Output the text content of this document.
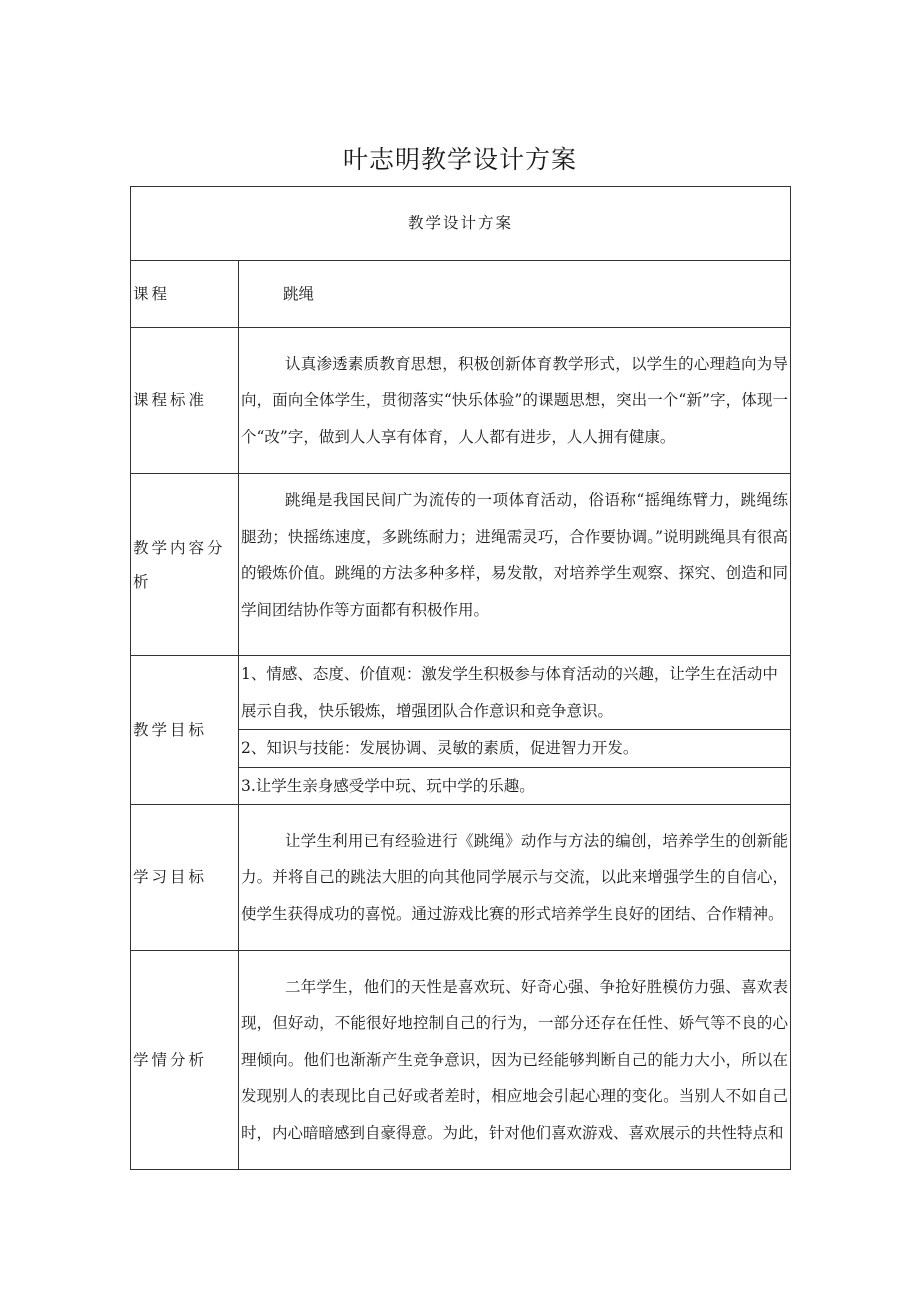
叶志明教学设计方案
教学设计方案	
课程	跳绳
课程标准	认真渗透素质教育思想，积极创新体育教学形式，以学生的心理趋向为导向，面向全体学生，贯彻落实“快乐体验”的课题思想，突出一个“新”字，体现一个“改”字，做到人人享有体育，人人都有进步，人人拥有健康。
教学内容分析	跳绳是我国民间广为流传的一项体育活动，俗语称“摇绳练臂力，跳绳练腿劲；快摇练速度，多跳练耐力；进绳需灵巧，合作要协调。”说明跳绳具有很高的锻炼价值。跳绳的方法多种多样，易发散，对培养学生观察、探究、创造和同学间团结协作等方面都有积极作用。
教学目标	1、情感、态度、价值观：激发学生积极参与体育活动的兴趣，让学生在活动中展示自我，快乐锻炼，增强团队合作意识和竞争意识。
	2、知识与技能：发展协调、灵敏的素质，促进智力开发。
	3.让学生亲身感受学中玩、玩中学的乐趣。
学习目标	让学生利用已有经验进行《跳绳》动作与方法的编创，培养学生的创新能力。并将自己的跳法大胆的向其他同学展示与交流，以此来增强学生的自信心，使学生获得成功的喜悦。通过游戏比赛的形式培养学生良好的团结、合作精神。
学情分析	二年学生，他们的天性是喜欢玩、好奇心强、争抢好胜模仿力强、喜欢表现，但好动，不能很好地控制自己的行为，一部分还存在任性、娇气等不良的心理倾向。他们也渐渐产生竞争意识，因为已经能够判断自己的能力大小，所以在发现别人的表现比自己好或者差时，相应地会引起心理的变化。当别人不如自己时，内心暗暗感到自豪得意。为此，针对他们喜欢游戏、喜欢展示的共性特点和
